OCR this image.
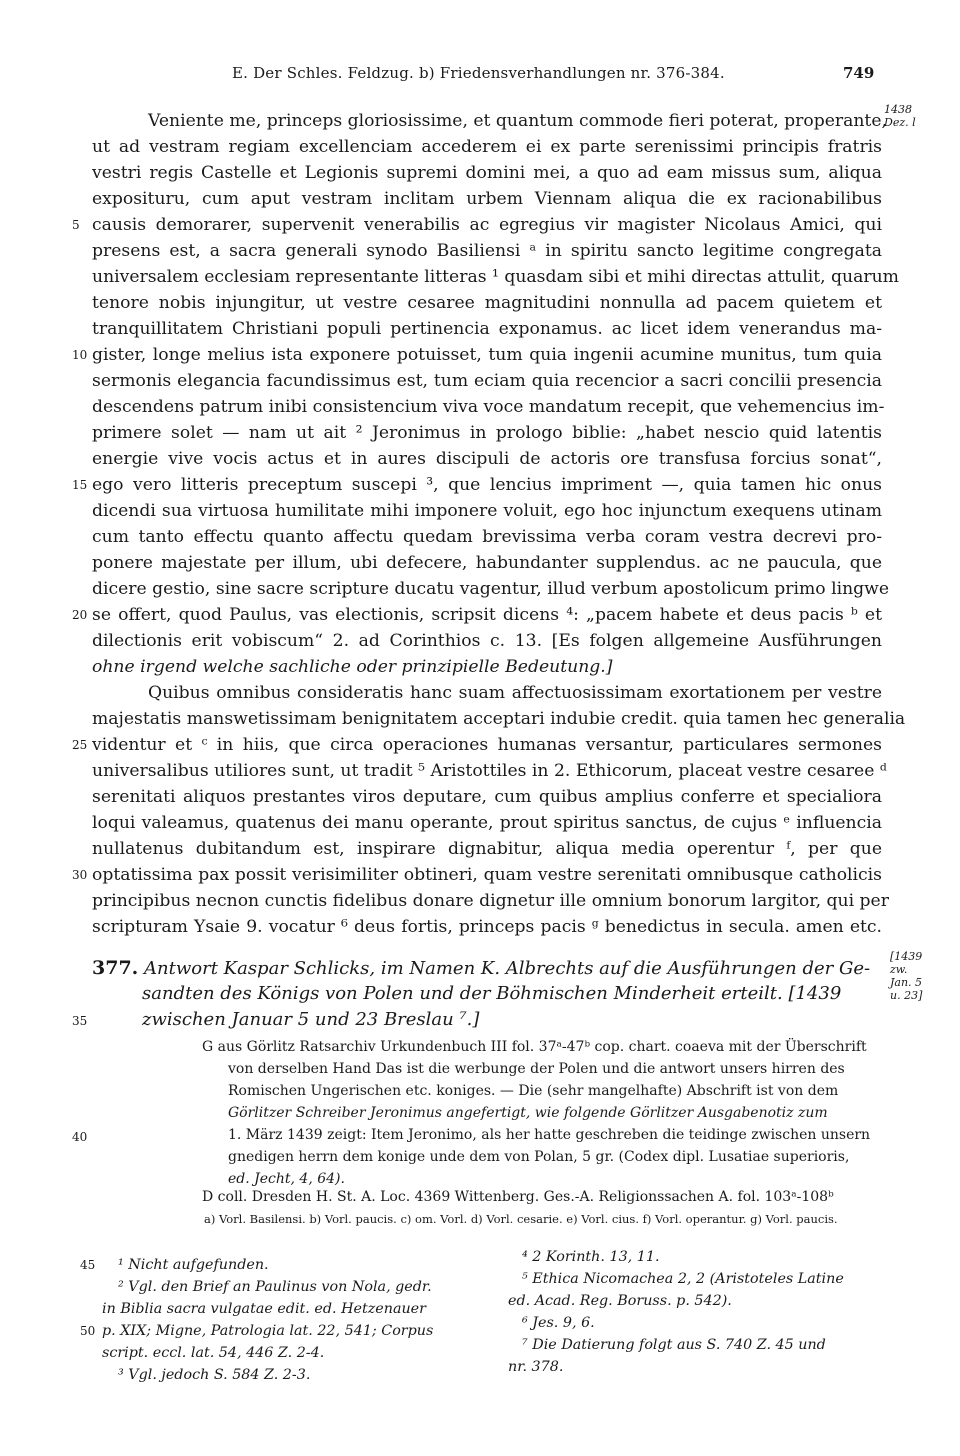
E. Der Schles. Feldzug. b) Friedensverhandlungen nr. 376-384.	749
1438
Dez. l
Veniente me, princeps gloriosissime, et quantum commode fieri poterat, properante,
ut ad vestram regiam excellenciam accederem ei ex parte serenissimi principis fratris
vestri regis Castelle et Legionis supremi domini mei, a quo ad eam missus sum, aliqua
exposituru, cum aput vestram inclitam urbem Viennam aliqua die ex racionabilibus
causis demorarer, supervenit venerabilis ac egregius vir magister Nicolaus Amici, qui
presens est, a sacra generali synodo Basiliensi ᵃ in spiritu sancto legitime congregata
universalem ecclesiam representante litteras ¹ quasdam sibi et mihi directas attulit, quarum
tenore nobis injungitur, ut vestre cesaree magnitudini nonnulla ad pacem quietem et
tranquillitatem Christiani populi pertinencia exponamus. ac licet idem venerandus ma-
gister, longe melius ista exponere potuisset, tum quia ingenii acumine munitus, tum quia
sermonis elegancia facundissimus est, tum eciam quia recencior a sacri concilii presencia
descendens patrum inibi consistencium viva voce mandatum recepit, que vehemencius im-
primere solet — nam ut ait ² Jeronimus in prologo biblie: „habet nescio quid latentis
energie vive vocis actus et in aures discipuli de actoris ore transfusa forcius sonat“,
ego vero litteris preceptum suscepi ³, que lencius impriment —, quia tamen hic onus
dicendi sua virtuosa humilitate mihi imponere voluit, ego hoc injunctum exequens utinam
cum tanto effectu quanto affectu quedam brevissima verba coram vestra decrevi pro-
ponere majestate per illum, ubi defecere, habundanter supplendus. ac ne paucula, que
dicere gestio, sine sacre scripture ducatu vagentur, illud verbum apostolicum primo lingwe
se offert, quod Paulus, vas electionis, scripsit dicens ⁴: „pacem habete et deus pacis ᵇ et
dilectionis erit vobiscum“ 2. ad Corinthios c. 13. [Es folgen allgemeine Ausführungen
ohne irgend welche sachliche oder prinzipielle Bedeutung.]
Quibus omnibus consideratis hanc suam affectuosissimam exortationem per vestre
majestatis manswetissimam benignitatem acceptari indubie credit. quia tamen hec generalia
videntur et ᶜ in hiis, que circa operaciones humanas versantur, particulares sermones
universalibus utiliores sunt, ut tradit ⁵ Aristottiles in 2. Ethicorum, placeat vestre cesaree ᵈ
serenitati aliquos prestantes viros deputare, cum quibus amplius conferre et specialiora
loqui valeamus, quatenus dei manu operante, prout spiritus sanctus, de cujus ᵉ influencia
nullatenus dubitandum est, inspirare dignabitur, aliqua media operentur ᶠ, per que
optatissima pax possit verisimiliter obtineri, quam vestre serenitati omnibusque catholicis
principibus necnon cunctis fidelibus donare dignetur ille omnium bonorum largitor, qui per
scripturam Ysaie 9. vocatur ⁶ deus fortis, princeps pacis ᵍ benedictus in secula. amen etc.
5
10
15
20
25
30
35
40
45
50
377. Antwort Kaspar Schlicks, im Namen K. Albrechts auf die Ausführungen der Ge-
sandten des Königs von Polen und der Böhmischen Minderheit erteilt. [1439
zwischen Januar 5 und 23 Breslau ⁷.]
[1439
zw.
Jan. 5
u. 23]
G aus Görlitz Ratsarchiv Urkundenbuch III fol. 37ᵃ-47ᵇ cop. chart. coaeva mit der Überschrift
von derselben Hand Das ist die werbunge der Polen und die antwort unsers hirren des
Romischen Ungerischen etc. koniges. — Die (sehr mangelhafte) Abschrift ist von dem
Görlitzer Schreiber Jeronimus angefertigt, wie folgende Görlitzer Ausgabenotiz zum
1. März 1439 zeigt: Item Jeronimo, als her hatte geschreben die teidinge zwischen unsern
gnedigen herrn dem konige unde dem von Polan, 5 gr. (Codex dipl. Lusatiae superioris,
ed. Jecht, 4, 64).
D coll. Dresden H. St. A. Loc. 4369 Wittenberg. Ges.-A. Religionssachen A. fol. 103ᵃ-108ᵇ
a) Vorl. Basilensi. b) Vorl. paucis. c) om. Vorl. d) Vorl. cesarie. e) Vorl. cius. f) Vorl. operantur. g) Vorl. paucis.
¹ Nicht aufgefunden.
² Vgl. den Brief an Paulinus von Nola, gedr.
in Biblia sacra vulgatae edit. ed. Hetzenauer
p. XIX; Migne, Patrologia lat. 22, 541; Corpus
script. eccl. lat. 54, 446 Z. 2-4.
³ Vgl. jedoch S. 584 Z. 2-3.
⁴ 2 Korinth. 13, 11.
⁵ Ethica Nicomachea 2, 2 (Aristoteles Latine
ed. Acad. Reg. Boruss. p. 542).
⁶ Jes. 9, 6.
⁷ Die Datierung folgt aus S. 740 Z. 45 und
nr. 378.
